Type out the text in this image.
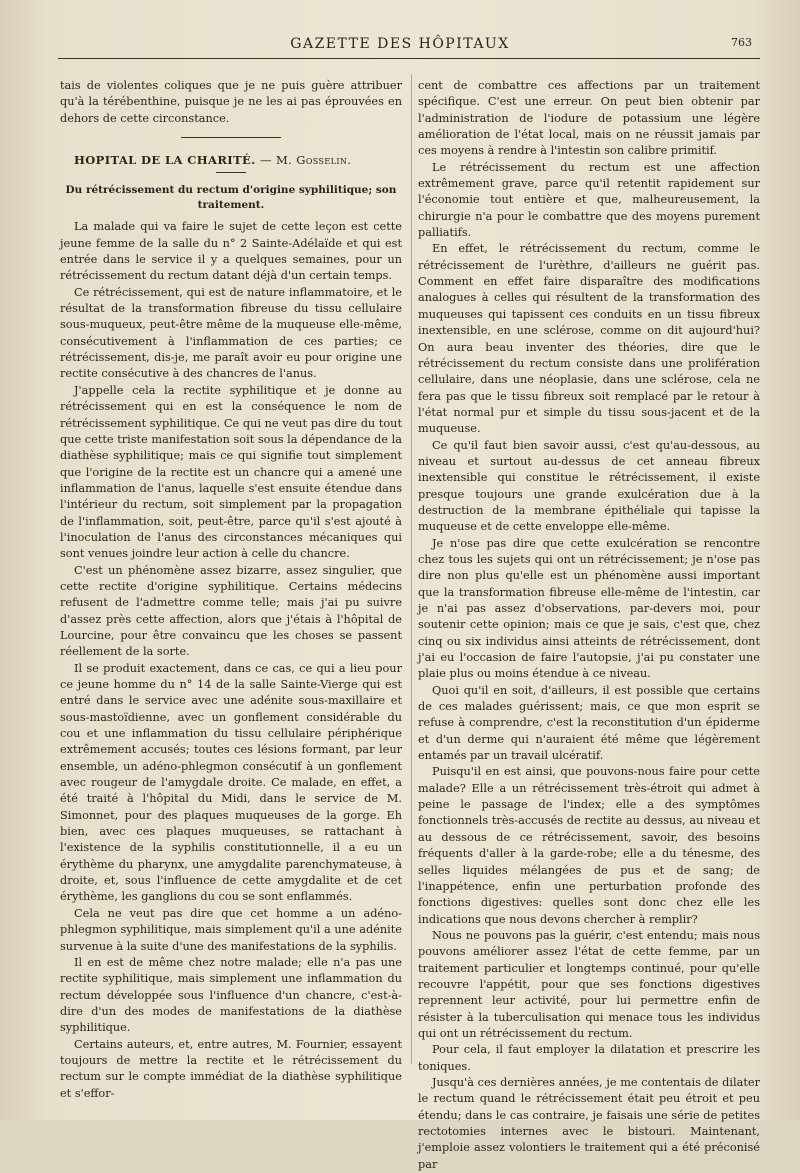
GAZETTE DES HÔPITAUX	763

tais de violentes coliques que je ne puis guère attribuer qu'à la térébenthine, puisque je ne les ai pas éprouvées en dehors de cette circonstance.

HOPITAL DE LA CHARITÉ. — M. Gosselin.

Du rétrécissement du rectum d'origine syphilitique; son traitement.

La malade qui va faire le sujet de cette leçon est cette jeune femme de la salle du n° 2 Sainte-Adélaïde et qui est entrée dans le service il y a quelques semaines, pour un rétrécissement du rectum datant déjà d'un certain temps.

Ce rétrécissement, qui est de nature inflammatoire, et le résultat de la transformation fibreuse du tissu cellulaire sous-muqueux, peut-être même de la muqueuse elle-même, consécutivement à l'inflammation de ces parties; ce rétrécissement, dis-je, me paraît avoir eu pour origine une rectite consécutive à des chancres de l'anus.

J'appelle cela la rectite syphilitique et je donne au rétrécissement qui en est la conséquence le nom de rétrécissement syphilitique. Ce qui ne veut pas dire du tout que cette triste manifestation soit sous la dépendance de la diathèse syphilitique; mais ce qui signifie tout simplement que l'origine de la rectite est un chancre qui a amené une inflammation de l'anus, laquelle s'est ensuite étendue dans l'intérieur du rectum, soit simplement par la propagation de l'inflammation, soit, peut-être, parce qu'il s'est ajouté à l'inoculation de l'anus des circonstances mécaniques qui sont venues joindre leur action à celle du chancre.

C'est un phénomène assez bizarre, assez singulier, que cette rectite d'origine syphilitique. Certains médecins refusent de l'admettre comme telle; mais j'ai pu suivre d'assez près cette affection, alors que j'étais à l'hôpital de Lourcine, pour être convaincu que les choses se passent réellement de la sorte.

Il se produit exactement, dans ce cas, ce qui a lieu pour ce jeune homme du n° 14 de la salle Sainte-Vierge qui est entré dans le service avec une adénite sous-maxillaire et sous-mastoïdienne, avec un gonflement considérable du cou et une inflammation du tissu cellulaire périphérique extrêmement accusés; toutes ces lésions formant, par leur ensemble, un adéno-phlegmon consécutif à un gonflement avec rougeur de l'amygdale droite. Ce malade, en effet, a été traité à l'hôpital du Midi, dans le service de M. Simonnet, pour des plaques muqueuses de la gorge. Eh bien, avec ces plaques muqueuses, se rattachant à l'existence de la syphilis constitutionnelle, il a eu un érythème du pharynx, une amygdalite parenchymateuse, à droite, et, sous l'influence de cette amygdalite et de cet érythème, les ganglions du cou se sont enflammés.

Cela ne veut pas dire que cet homme a un adéno-phlegmon syphilitique, mais simplement qu'il a une adénite survenue à la suite d'une des manifestations de la syphilis.

Il en est de même chez notre malade; elle n'a pas une rectite syphilitique, mais simplement une inflammation du rectum développée sous l'influence d'un chancre, c'est-à-dire d'un des modes de manifestations de la diathèse syphilitique.

Certains auteurs, et, entre autres, M. Fournier, essayent toujours de mettre la rectite et le rétrécissement du rectum sur le compte immédiat de la diathèse syphilitique et s'effor-

cent de combattre ces affections par un traitement spécifique. C'est une erreur. On peut bien obtenir par l'administration de l'iodure de potassium une légère amélioration de l'état local, mais on ne réussit jamais par ces moyens à rendre à l'intestin son calibre primitif.

Le rétrécissement du rectum est une affection extrêmement grave, parce qu'il retentit rapidement sur l'économie tout entière et que, malheureusement, la chirurgie n'a pour le combattre que des moyens purement palliatifs.

En effet, le rétrécissement du rectum, comme le rétrécissement de l'urèthre, d'ailleurs ne guérit pas. Comment en effet faire disparaître des modifications analogues à celles qui résultent de la transformation des muqueuses qui tapissent ces conduits en un tissu fibreux inextensible, en une sclérose, comme on dit aujourd'hui? On aura beau inventer des théories, dire que le rétrécissement du rectum consiste dans une prolifération cellulaire, dans une néoplasie, dans une sclérose, cela ne fera pas que le tissu fibreux soit remplacé par le retour à l'état normal pur et simple du tissu sous-jacent et de la muqueuse.

Ce qu'il faut bien savoir aussi, c'est qu'au-dessous, au niveau et surtout au-dessus de cet anneau fibreux inextensible qui constitue le rétrécissement, il existe presque toujours une grande exulcération due à la destruction de la membrane épithéliale qui tapisse la muqueuse et de cette enveloppe elle-même.

Je n'ose pas dire que cette exulcération se rencontre chez tous les sujets qui ont un rétrécissement; je n'ose pas dire non plus qu'elle est un phénomène aussi important que la transformation fibreuse elle-même de l'intestin, car je n'ai pas assez d'observations, par-devers moi, pour soutenir cette opinion; mais ce que je sais, c'est que, chez cinq ou six individus ainsi atteints de rétrécissement, dont j'ai eu l'occasion de faire l'autopsie, j'ai pu constater une plaie plus ou moins étendue à ce niveau.

Quoi qu'il en soit, d'ailleurs, il est possible que certains de ces malades guérissent; mais, ce que mon esprit se refuse à comprendre, c'est la reconstitution d'un épiderme et d'un derme qui n'auraient été même que légèrement entamés par un travail ulcératif.

Puisqu'il en est ainsi, que pouvons-nous faire pour cette malade? Elle a un rétrécissement très-étroit qui admet à peine le passage de l'index; elle a des symptômes fonctionnels très-accusés de rectite au dessus, au niveau et au dessous de ce rétrécissement, savoir, des besoins fréquents d'aller à la garde-robe; elle a du ténesme, des selles liquides mélangées de pus et de sang; de l'inappétence, enfin une perturbation profonde des fonctions digestives: quelles sont donc chez elle les indications que nous devons chercher à remplir?

Nous ne pouvons pas la guérir, c'est entendu; mais nous pouvons améliorer assez l'état de cette femme, par un traitement particulier et longtemps continué, pour qu'elle recouvre l'appétit, pour que ses fonctions digestives reprennent leur activité, pour lui permettre enfin de résister à la tuberculisation qui menace tous les individus qui ont un rétrécissement du rectum.

Pour cela, il faut employer la dilatation et prescrire les toniques.

Jusqu'à ces dernières années, je me contentais de dilater le rectum quand le rétrécissement était peu étroit et peu étendu; dans le cas contraire, je faisais une série de petites rectotomies internes avec le bistouri. Maintenant, j'emploie assez volontiers le traitement qui a été préconisé par
